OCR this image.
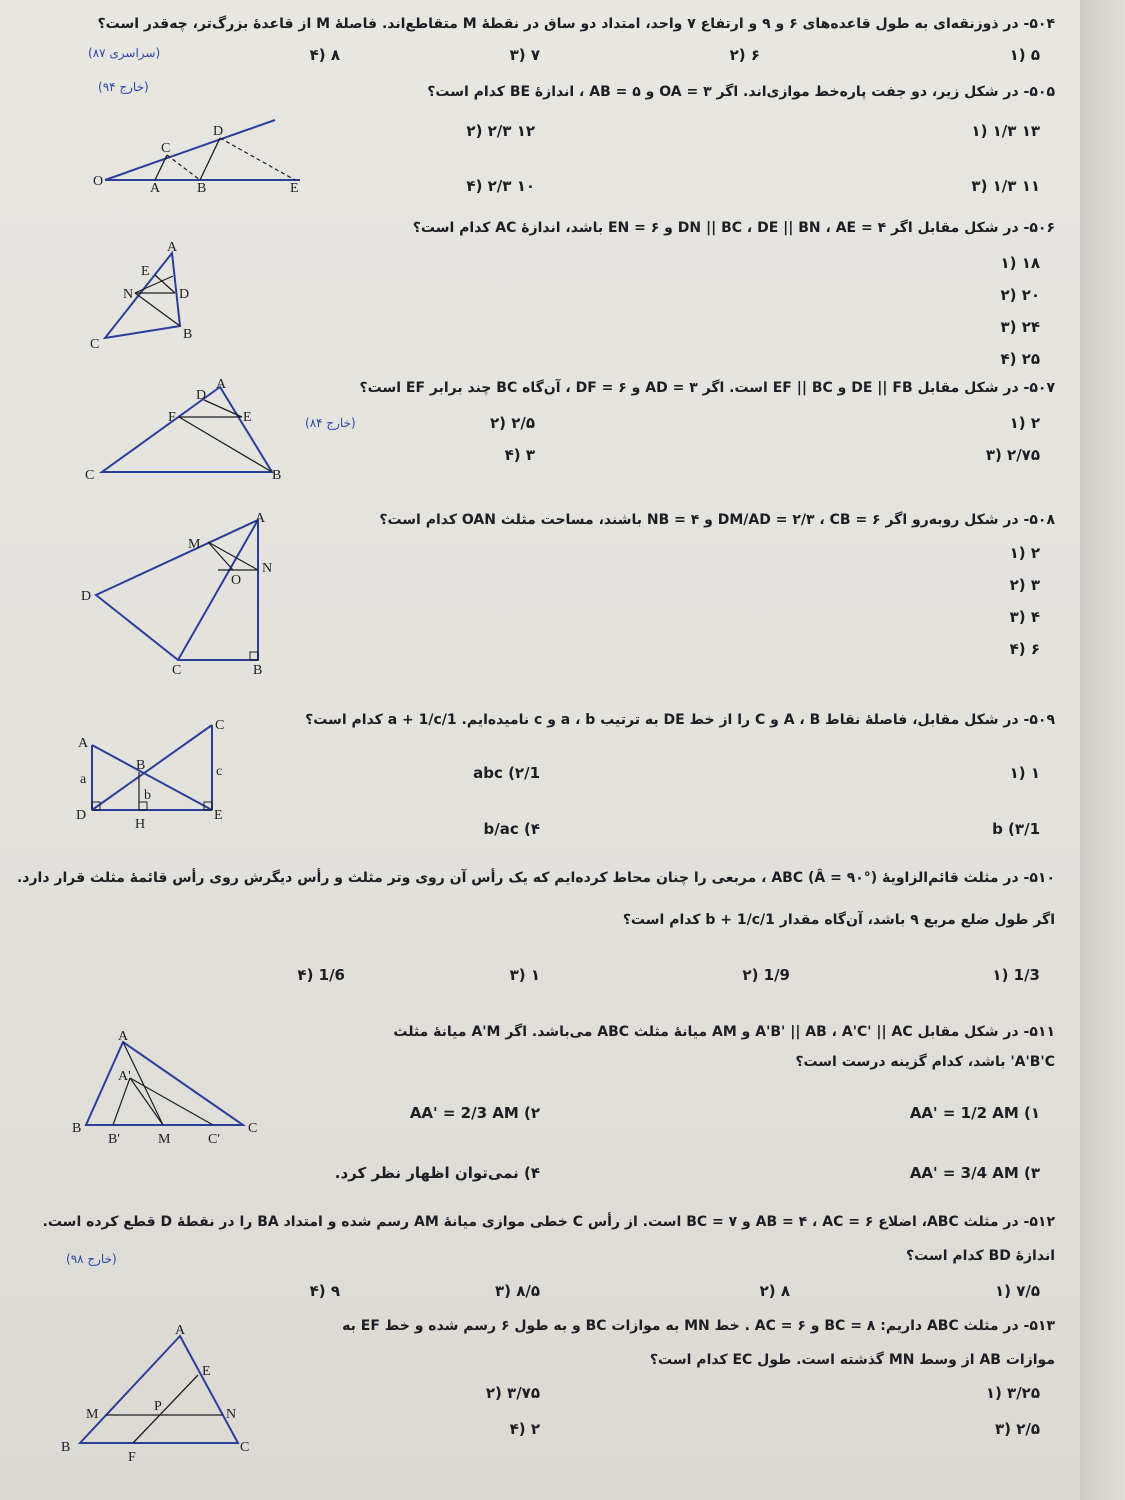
۵۰۴- در ذوزنقه‌ای به طول قاعده‌های ۶ و ۹ و ارتفاع ۷ واحد، امتداد دو ساق در نقطهٔ M متقاطع‌اند. فاصلهٔ M از قاعدهٔ بزرگ‌تر، چه‌قدر است؟
(سراسری ۸۷)	۵ (۱
۶ (۲
۷ (۳
۸ (۴
(خارج ۹۴)	۵۰۵- در شکل زیر، دو جفت پاره‌خط موازی‌اند. اگر OA = ۳ و AB = ۵ ، اندازهٔ BE کدام است؟
۱۳ ۱/۳ (۱
۱۲ ۲/۳ (۲
۱۱ ۱/۳ (۳
۱۰ ۲/۳ (۴
O	A	B	E
C
D
۵۰۶- در شکل مقابل اگر DN || BC ، DE || BN ، AE = ۴ و EN = ۶ باشد، اندازهٔ AC کدام است؟
۱۸ (۱
۲۰ (۲
۲۴ (۳
۲۵ (۴
A
E
N	D
C
B
۵۰۷- در شکل مقابل DE || FB و EF || BC است. اگر AD = ۳ و DF = ۶ ، آن‌گاه BC چند برابر EF است؟
(خارج ۸۴)	۲ (۱
۲/۵ (۲
۲/۷۵ (۳
۳ (۴
A
D
F	E
C	B
۵۰۸- در شکل روبه‌رو اگر DM/AD = ۲/۳ ، CB = ۶ و NB = ۴ باشند، مساحت مثلث OAN کدام است؟
۲ (۱
۳ (۲
۴ (۳
۶ (۴
A
M
N
O
D
C	B
۵۰۹- در شکل مقابل، فاصلهٔ نقاط A ، B و C را از خط DE به ترتیب a ، b و c نامیده‌ایم. 1/a + 1/c کدام است؟
۱ (۱
1/abc (۲
1/b (۳
b/ac (۴
A
B
C
D
H
E
a
b
c
۵۱۰- در مثلث قائم‌الزاویهٔ ABC (Â = ۹۰°) ، مربعی را چنان محاط کرده‌ایم که یک رأس آن روی وتر مثلث و رأس دیگرش روی رأس قائمهٔ مثلث قرار دارد.
اگر طول ضلع مربع ۹ باشد، آن‌گاه مقدار 1/b + 1/c کدام است؟
1/3 (۱
1/9 (۲
۱ (۳
1/6 (۴
۵۱۱- در شکل مقابل A'B' || AB ، A'C' || AC و AM میانهٔ مثلث ABC می‌باشد. اگر A'M میانهٔ مثلث
A'B'C' باشد، کدام گزینه درست است؟
AA' = 1/2 AM (۱
AA' = 2/3 AM (۲
AA' = 3/4 AM (۳
۴) نمی‌توان اظهار نظر کرد.
A
A'
B
B'	M	C'
C
۵۱۲- در مثلث ABC، اضلاع AB = ۴ ، AC = ۶ و BC = ۷ است. از رأس C خطی موازی میانهٔ AM رسم شده و امتداد BA را در نقطهٔ D قطع کرده است.
اندازهٔ BD کدام است؟
(خارج ۹۸)
۷/۵ (۱
۸ (۲
۸/۵ (۳
۹ (۴
۵۱۳- در مثلث ABC داریم: BC = ۸ و AC = ۶ . خط MN به موازات BC و به طول ۶ رسم شده و خط EF به
موازات AB از وسط MN گذشته است. طول EC کدام است؟
۳/۲۵ (۱
۳/۷۵ (۲
۲/۵ (۳
۲ (۴
A
E
M
P
N
B
F
C
